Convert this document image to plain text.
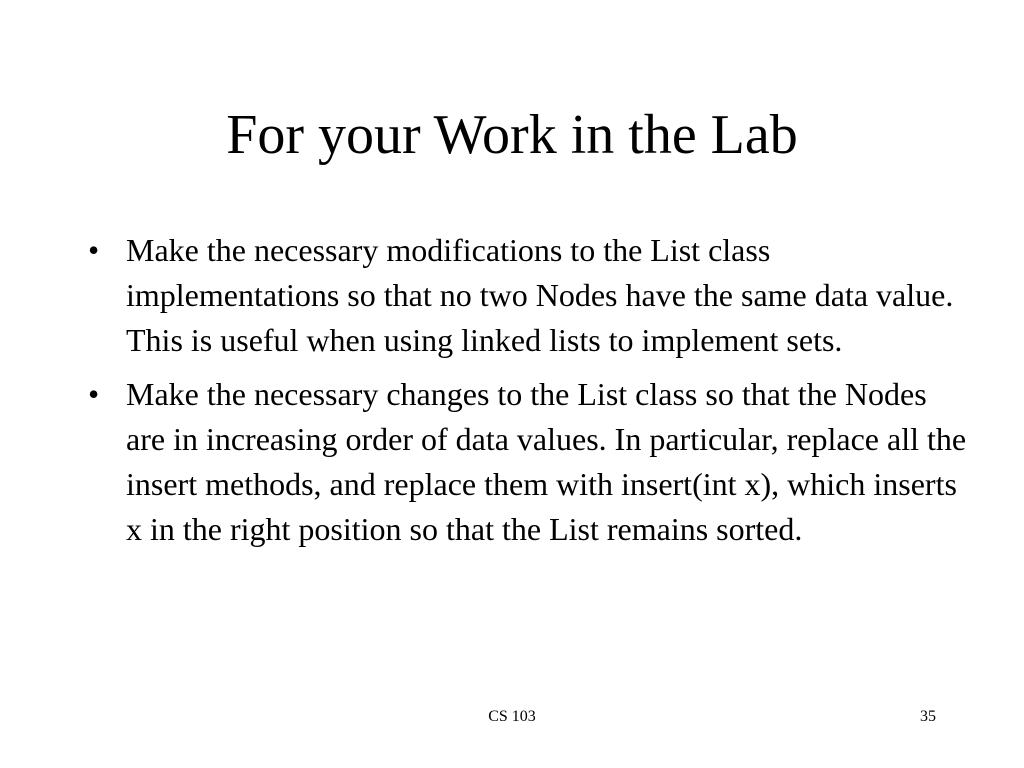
For your Work in the Lab
• Make the necessary modifications to the List class implementations so that no two Nodes have the same data value. This is useful when using linked lists to implement sets.
• Make the necessary changes to the List class so that the Nodes are in increasing order of data values. In particular, replace all the insert methods, and replace them with insert(int x), which inserts x in the right position so that the List remains sorted.
CS 103	35
